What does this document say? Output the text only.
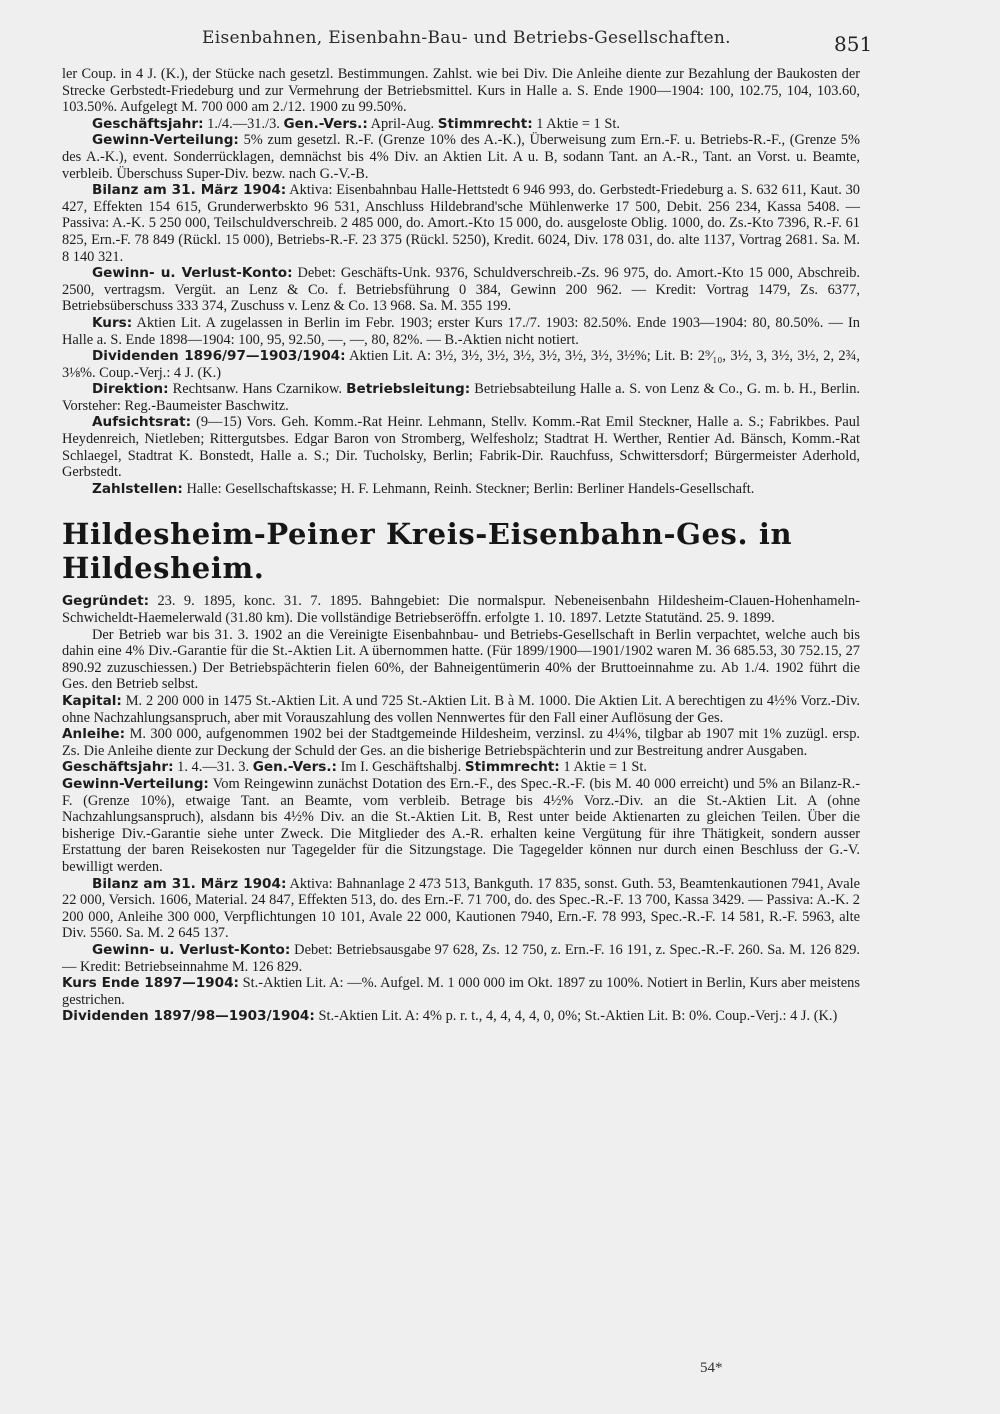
Eisenbahnen, Eisenbahn-Bau- und Betriebs-Gesellschaften.	851

ler Coup. in 4 J. (K.), der Stücke nach gesetzl. Bestimmungen. Zahlst. wie bei Div. Die Anleihe diente zur Bezahlung der Baukosten der Strecke Gerbstedt-Friedeburg und zur Vermehrung der Betriebsmittel. Kurs in Halle a. S. Ende 1900—1904: 100, 102.75, 104, 103.60, 103.50%. Aufgelegt M. 700 000 am 2./12. 1900 zu 99.50%.

Geschäftsjahr: 1./4.—31./3. Gen.-Vers.: April-Aug. Stimmrecht: 1 Aktie = 1 St.

Gewinn-Verteilung: 5% zum gesetzl. R.-F. (Grenze 10% des A.-K.), Überweisung zum Ern.-F. u. Betriebs-R.-F., (Grenze 5% des A.-K.), event. Sonderrücklagen, demnächst bis 4% Div. an Aktien Lit. A u. B, sodann Tant. an A.-R., Tant. an Vorst. u. Beamte, verbleib. Überschuss Super-Div. bezw. nach G.-V.-B.

Bilanz am 31. März 1904: Aktiva: Eisenbahnbau Halle-Hettstedt 6 946 993, do. Gerbstedt-Friedeburg a. S. 632 611, Kaut. 30 427, Effekten 154 615, Grunderwerbskto 96 531, Anschluss Hildebrand'sche Mühlenwerke 17 500, Debit. 256 234, Kassa 5408. — Passiva: A.-K. 5 250 000, Teilschuldverschreib. 2 485 000, do. Amort.-Kto 15 000, do. ausgeloste Oblig. 1000, do. Zs.-Kto 7396, R.-F. 61 825, Ern.-F. 78 849 (Rückl. 15 000), Betriebs-R.-F. 23 375 (Rückl. 5250), Kredit. 6024, Div. 178 031, do. alte 1137, Vortrag 2681. Sa. M. 8 140 321.

Gewinn- u. Verlust-Konto: Debet: Geschäfts-Unk. 9376, Schuldverschreib.-Zs. 96 975, do. Amort.-Kto 15 000, Abschreib. 2500, vertragsm. Vergüt. an Lenz & Co. f. Betriebsführung 0 384, Gewinn 200 962. — Kredit: Vortrag 1479, Zs. 6377, Betriebsüberschuss 333 374, Zuschuss v. Lenz & Co. 13 968. Sa. M. 355 199.

Kurs: Aktien Lit. A zugelassen in Berlin im Febr. 1903; erster Kurs 17./7. 1903: 82.50%. Ende 1903—1904: 80, 80.50%. — In Halle a. S. Ende 1898—1904: 100, 95, 92.50, —, —, 80, 82%. — B.-Aktien nicht notiert.

Dividenden 1896/97—1903/1904: Aktien Lit. A: 3½, 3½, 3½, 3½, 3½, 3½, 3½, 3½%; Lit. B: 2⁹⁄₁₀, 3½, 3, 3½, 3½, 2, 2¾, 3⅛%. Coup.-Verj.: 4 J. (K.)

Direktion: Rechtsanw. Hans Czarnikow. Betriebsleitung: Betriebsabteilung Halle a. S. von Lenz & Co., G. m. b. H., Berlin. Vorsteher: Reg.-Baumeister Baschwitz.

Aufsichtsrat: (9—15) Vors. Geh. Komm.-Rat Heinr. Lehmann, Stellv. Komm.-Rat Emil Steckner, Halle a. S.; Fabrikbes. Paul Heydenreich, Nietleben; Rittergutsbes. Edgar Baron von Stromberg, Welfesholz; Stadtrat H. Werther, Rentier Ad. Bänsch, Komm.-Rat Schlaegel, Stadtrat K. Bonstedt, Halle a. S.; Dir. Tucholsky, Berlin; Fabrik-Dir. Rauchfuss, Schwittersdorf; Bürgermeister Aderhold, Gerbstedt.

Zahlstellen: Halle: Gesellschaftskasse; H. F. Lehmann, Reinh. Steckner; Berlin: Berliner Handels-Gesellschaft.

Hildesheim-Peiner Kreis-Eisenbahn-Ges. in Hildesheim.

Gegründet: 23. 9. 1895, konc. 31. 7. 1895. Bahngebiet: Die normalspur. Nebeneisenbahn Hildesheim-Clauen-Hohenhameln-Schwicheldt-Haemelerwald (31.80 km). Die vollständige Betriebseröffn. erfolgte 1. 10. 1897. Letzte Statutänd. 25. 9. 1899.

Der Betrieb war bis 31. 3. 1902 an die Vereinigte Eisenbahnbau- und Betriebs-Gesellschaft in Berlin verpachtet, welche auch bis dahin eine 4% Div.-Garantie für die St.-Aktien Lit. A übernommen hatte. (Für 1899/1900—1901/1902 waren M. 36 685.53, 30 752.15, 27 890.92 zuzuschiessen.) Der Betriebspächterin fielen 60%, der Bahneigentümerin 40% der Bruttoeinnahme zu. Ab 1./4. 1902 führt die Ges. den Betrieb selbst.

Kapital: M. 2 200 000 in 1475 St.-Aktien Lit. A und 725 St.-Aktien Lit. B à M. 1000. Die Aktien Lit. A berechtigen zu 4½% Vorz.-Div. ohne Nachzahlungsanspruch, aber mit Vorauszahlung des vollen Nennwertes für den Fall einer Auflösung der Ges.

Anleihe: M. 300 000, aufgenommen 1902 bei der Stadtgemeinde Hildesheim, verzinsl. zu 4¼%, tilgbar ab 1907 mit 1% zuzügl. ersp. Zs. Die Anleihe diente zur Deckung der Schuld der Ges. an die bisherige Betriebspächterin und zur Bestreitung andrer Ausgaben.

Geschäftsjahr: 1. 4.—31. 3. Gen.-Vers.: Im I. Geschäftshalbj. Stimmrecht: 1 Aktie = 1 St.

Gewinn-Verteilung: Vom Reingewinn zunächst Dotation des Ern.-F., des Spec.-R.-F. (bis M. 40 000 erreicht) und 5% an Bilanz-R.-F. (Grenze 10%), etwaige Tant. an Beamte, vom verbleib. Betrage bis 4½% Vorz.-Div. an die St.-Aktien Lit. A (ohne Nachzahlungsanspruch), alsdann bis 4½% Div. an die St.-Aktien Lit. B, Rest unter beide Aktienarten zu gleichen Teilen. Über die bisherige Div.-Garantie siehe unter Zweck. Die Mitglieder des A.-R. erhalten keine Vergütung für ihre Thätigkeit, sondern ausser Erstattung der baren Reisekosten nur Tagegelder für die Sitzungstage. Die Tagegelder können nur durch einen Beschluss der G.-V. bewilligt werden.

Bilanz am 31. März 1904: Aktiva: Bahnanlage 2 473 513, Bankguth. 17 835, sonst. Guth. 53, Beamtenkautionen 7941, Avale 22 000, Versich. 1606, Material. 24 847, Effekten 513, do. des Ern.-F. 71 700, do. des Spec.-R.-F. 13 700, Kassa 3429. — Passiva: A.-K. 2 200 000, Anleihe 300 000, Verpflichtungen 10 101, Avale 22 000, Kautionen 7940, Ern.-F. 78 993, Spec.-R.-F. 14 581, R.-F. 5963, alte Div. 5560. Sa. M. 2 645 137.

Gewinn- u. Verlust-Konto: Debet: Betriebsausgabe 97 628, Zs. 12 750, z. Ern.-F. 16 191, z. Spec.-R.-F. 260. Sa. M. 126 829. — Kredit: Betriebseinnahme M. 126 829.

Kurs Ende 1897—1904: St.-Aktien Lit. A: —%. Aufgel. M. 1 000 000 im Okt. 1897 zu 100%. Notiert in Berlin, Kurs aber meistens gestrichen.

Dividenden 1897/98—1903/1904: St.-Aktien Lit. A: 4% p. r. t., 4, 4, 4, 4, 0, 0%; St.-Aktien Lit. B: 0%. Coup.-Verj.: 4 J. (K.)

54*
